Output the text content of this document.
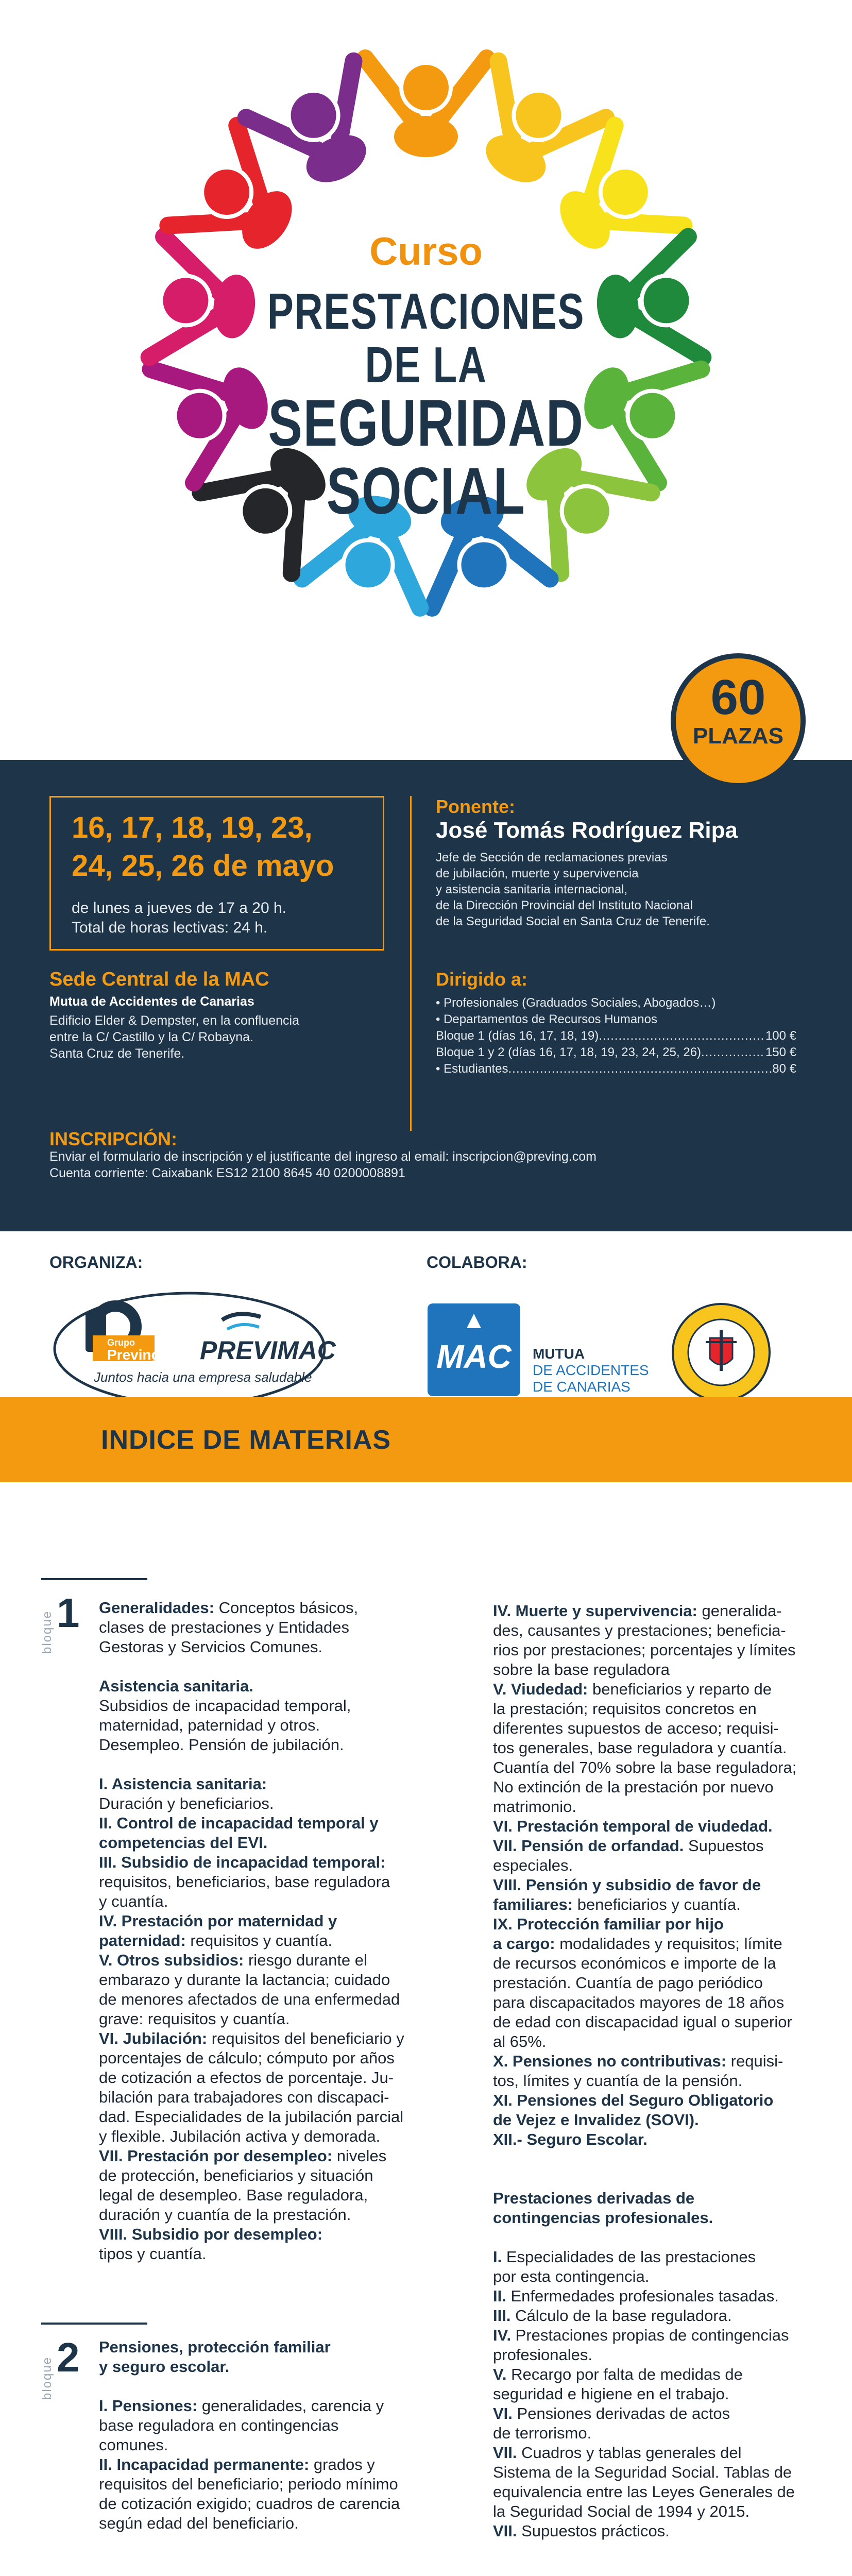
Curso
PRESTACIONES
DE LA
SEGURIDAD
SOCIAL
60
PLAZAS
16, 17, 18, 19, 23,
24, 25, 26 de mayo
de lunes a jueves de 17 a 20 h.
Total de horas lectivas: 24 h.
Sede Central de la MAC
Mutua de Accidentes de Canarias
Edificio Elder & Dempster, en la confluencia
entre la C/ Castillo y la C/ Robayna.
Santa Cruz de Tenerife.
Ponente:
José Tomás Rodríguez Ripa
Jefe de Sección de reclamaciones previas
de jubilación, muerte y supervivencia
y asistencia sanitaria internacional,
de la Dirección Provincial del Instituto Nacional
de la Seguridad Social en Santa Cruz de Tenerife.
Dirigido a:
• Profesionales (Graduados Sociales, Abogados…)
• Departamentos de Recursos Humanos
Bloque 1 (días 16, 17, 18, 19) .....	100 €
Bloque 1 y 2 (días 16, 17, 18, 19, 23, 24, 25, 26) .....	150 €
• Estudiantes .....	80 €
INSCRIPCIÓN:
Enviar el formulario de inscripción y el justificante del ingreso al email: inscripcion@preving.com
Cuenta corriente: Caixabank ES12 2100 8645 40 0200008891
ORGANIZA:	COLABORA:
Grupo
Preving PREVIMAC
Juntos hacia una empresa saludable
MAC	MUTUA
DE ACCIDENTES
DE CANARIAS
INDICE DE MATERIAS
bloque 1
bloque 2

Generalidades: Conceptos básicos,
clases de prestaciones y Entidades
Gestoras y Servicios Comunes.

Asistencia sanitaria.
Subsidios de incapacidad temporal,
maternidad, paternidad y otros.
Desempleo. Pensión de jubilación.

I. Asistencia sanitaria:
Duración y beneficiarios.
II. Control de incapacidad temporal y
competencias del EVI.
III. Subsidio de incapacidad temporal:
requisitos, beneficiarios, base reguladora
y cuantía.
IV. Prestación por maternidad y
paternidad: requisitos y cuantía.
V. Otros subsidios: riesgo durante el
embarazo y durante la lactancia; cuidado
de menores afectados de una enfermedad
grave: requisitos y cuantía.
VI. Jubilación: requisitos del beneficiario y
porcentajes de cálculo; cómputo por años
de cotización a efectos de porcentaje. Ju-
bilación para trabajadores con discapaci-
dad. Especialidades de la jubilación parcial
y flexible. Jubilación activa y demorada.
VII. Prestación por desempleo: niveles
de protección, beneficiarios y situación
legal de desempleo. Base reguladora,
duración y cuantía de la prestación.
VIII. Subsidio por desempleo:
tipos y cuantía.

Pensiones, protección familiar
y seguro escolar.

I. Pensiones: generalidades, carencia y
base reguladora en contingencias
comunes.
II. Incapacidad permanente: grados y
requisitos del beneficiario; periodo mínimo
de cotización exigido; cuadros de carencia
según edad del beneficiario.

IV. Muerte y supervivencia: generalida-
des, causantes y prestaciones; beneficia-
rios por prestaciones; porcentajes y límites
sobre la base reguladora
V. Viudedad: beneficiarios y reparto de
la prestación; requisitos concretos en
diferentes supuestos de acceso; requisi-
tos generales, base reguladora y cuantía.
Cuantía del 70% sobre la base reguladora;
No extinción de la prestación por nuevo
matrimonio.
VI. Prestación temporal de viudedad.
VII. Pensión de orfandad. Supuestos
especiales.
VIII. Pensión y subsidio de favor de
familiares: beneficiarios y cuantía.
IX. Protección familiar por hijo
a cargo: modalidades y requisitos; límite
de recursos económicos e importe de la
prestación. Cuantía de pago periódico
para discapacitados mayores de 18 años
de edad con discapacidad igual o superior
al 65%.
X. Pensiones no contributivas: requisi-
tos, límites y cuantía de la pensión.
XI. Pensiones del Seguro Obligatorio
de Vejez e Invalidez (SOVI).
XII.- Seguro Escolar.

Prestaciones derivadas de
contingencias profesionales.

I. Especialidades de las prestaciones
por esta contingencia.
II. Enfermedades profesionales tasadas.
III. Cálculo de la base reguladora.
IV. Prestaciones propias de contingencias
profesionales.
V. Recargo por falta de medidas de
seguridad e higiene en el trabajo.
VI. Pensiones derivadas de actos
de terrorismo.
VII. Cuadros y tablas generales del
Sistema de la Seguridad Social. Tablas de
equivalencia entre las Leyes Generales de
la Seguridad Social de 1994 y 2015.
VII. Supuestos prácticos.
